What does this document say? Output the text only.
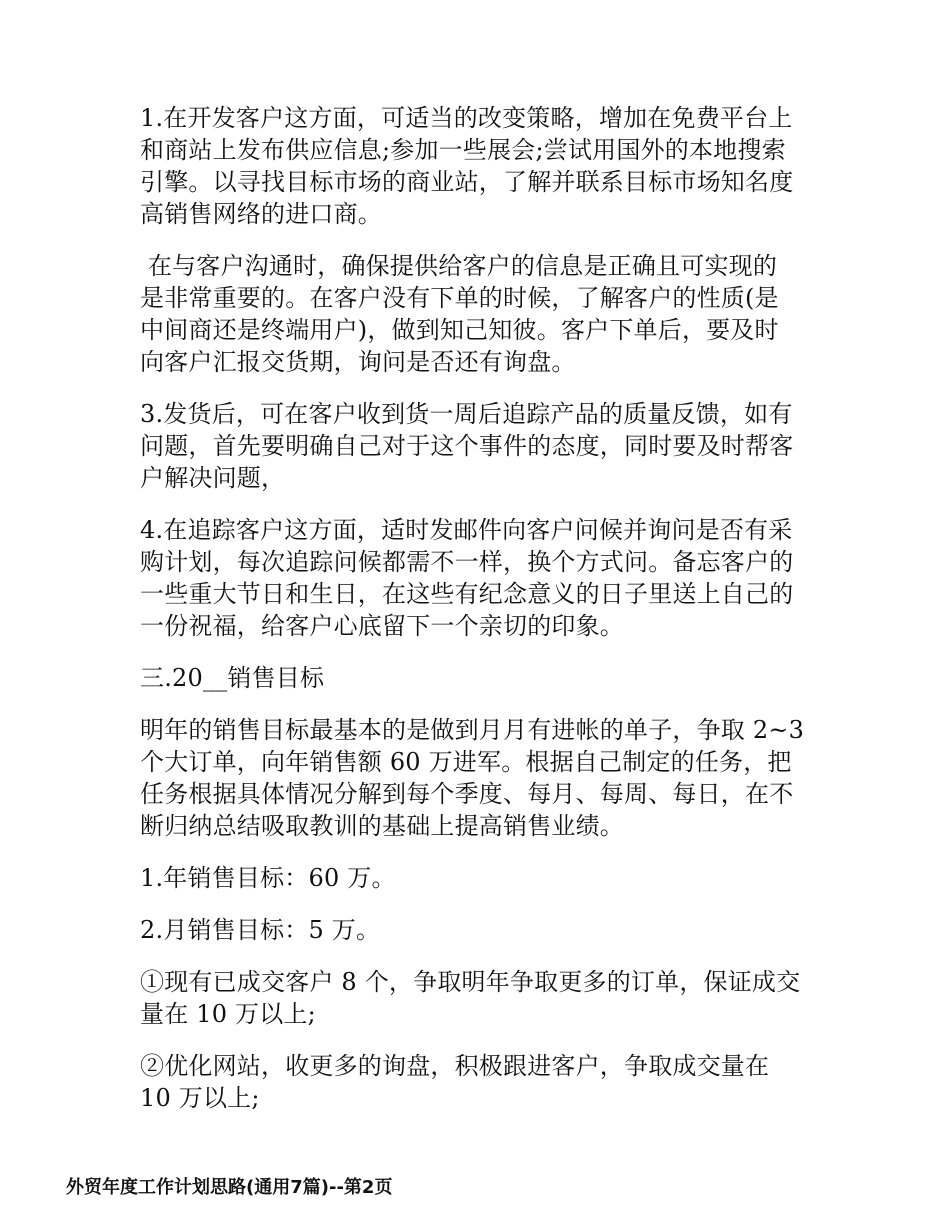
1.在开发客户这方面，可适当的改变策略，增加在免费平台上
和商站上发布供应信息;参加一些展会;尝试用国外的本地搜索
引擎。以寻找目标市场的商业站，了解并联系目标市场知名度
高销售网络的进口商。

在与客户沟通时，确保提供给客户的信息是正确且可实现的
是非常重要的。在客户没有下单的时候，了解客户的性质(是
中间商还是终端用户)，做到知己知彼。客户下单后，要及时
向客户汇报交货期，询问是否还有询盘。

3.发货后，可在客户收到货一周后追踪产品的质量反馈，如有
问题，首先要明确自己对于这个事件的态度，同时要及时帮客
户解决问题，

4.在追踪客户这方面，适时发邮件向客户问候并询问是否有采
购计划，每次追踪问候都需不一样，换个方式问。备忘客户的
一些重大节日和生日，在这些有纪念意义的日子里送上自己的
一份祝福，给客户心底留下一个亲切的印象。

三.20__销售目标

明年的销售目标最基本的是做到月月有进帐的单子，争取 2~3
个大订单，向年销售额 60 万进军。根据自己制定的任务，把
任务根据具体情况分解到每个季度、每月、每周、每日，在不
断归纳总结吸取教训的基础上提高销售业绩。

1.年销售目标：60 万。

2.月销售目标：5 万。

①现有已成交客户 8 个，争取明年争取更多的订单，保证成交
量在 10 万以上;

②优化网站，收更多的询盘，积极跟进客户，争取成交量在
10 万以上;

外贸年度工作计划思路(通用7篇)--第2页
